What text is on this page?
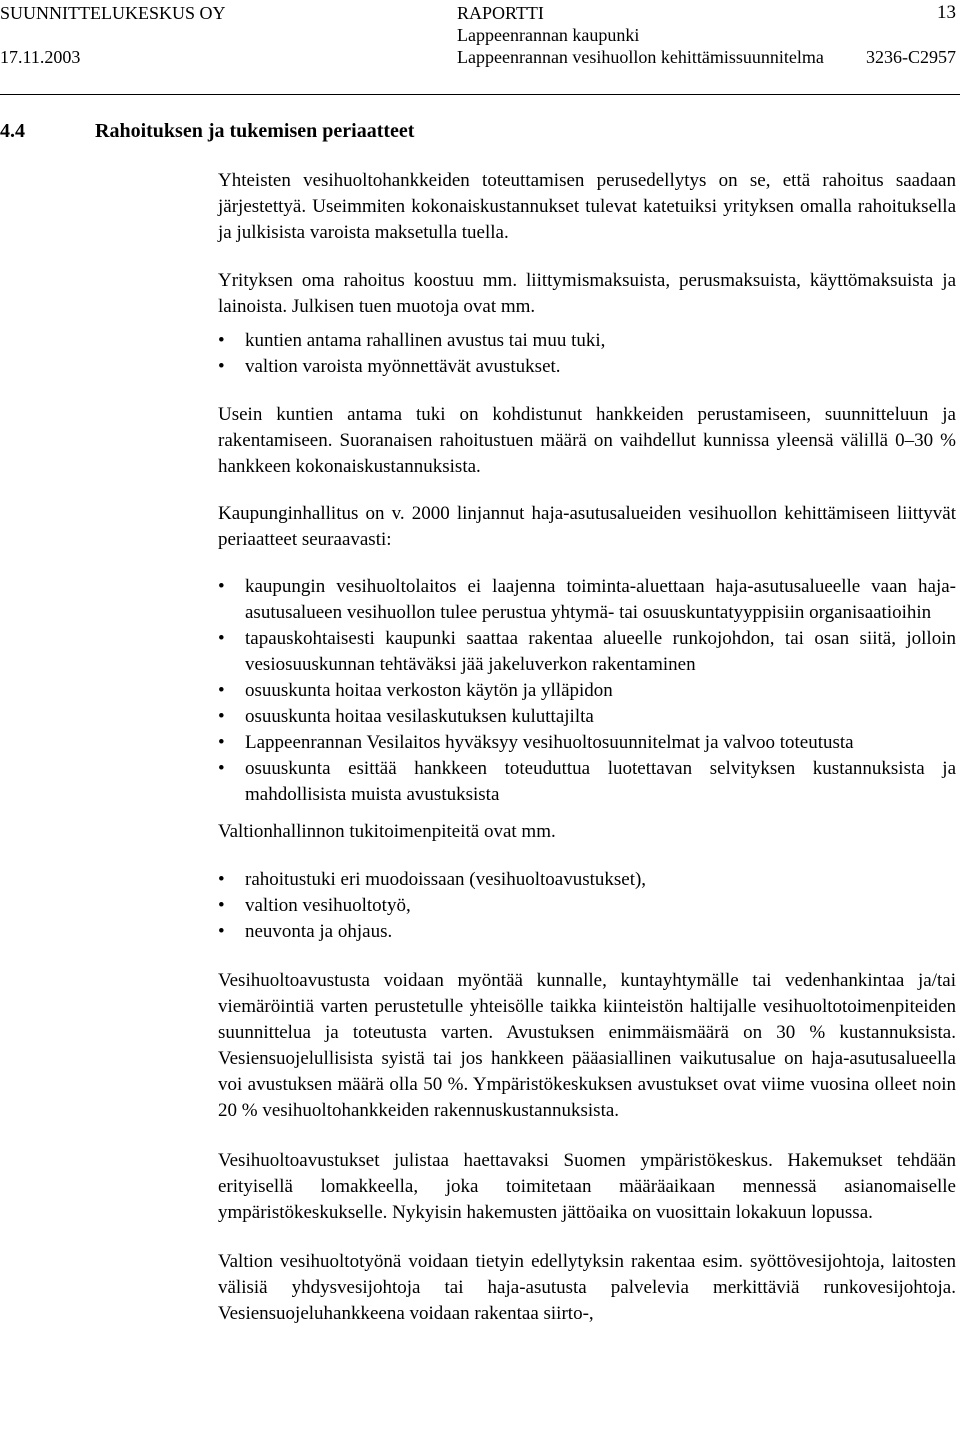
SUUNNITTELUKESKUS OY
17.11.2003
RAPORTTI
Lappeenrannan kaupunki
Lappeenrannan vesihuollon kehittämissuunnitelma
13
3236-C2957
4.4	Rahoituksen ja tukemisen periaatteet

Yhteisten vesihuoltohankkeiden toteuttamisen perusedellytys on se, että rahoitus saadaan järjestettyä. Useimmiten kokonaiskustannukset tulevat katetuiksi yrityksen omalla rahoituksella ja julkisista varoista maksetulla tuella.

Yrityksen oma rahoitus koostuu mm. liittymismaksuista, perusmaksuista, käyttömaksuista ja lainoista. Julkisen tuen muotoja ovat mm.

• kuntien antama rahallinen avustus tai muu tuki,
• valtion varoista myönnettävät avustukset.

Usein kuntien antama tuki on kohdistunut hankkeiden perustamiseen, suunnitteluun ja rakentamiseen. Suoranaisen rahoitustuen määrä on vaihdellut kunnissa yleensä välillä 0–30 % hankkeen kokonaiskustannuksista.

Kaupunginhallitus on v. 2000 linjannut haja-asutusalueiden vesihuollon kehittämiseen liittyvät periaatteet seuraavasti:

• kaupungin vesihuoltolaitos ei laajenna toiminta-aluettaan haja-asutusalueelle vaan haja-asutusalueen vesihuollon tulee perustua yhtymä- tai osuuskuntatyyppisiin organisaatioihin
• tapauskohtaisesti kaupunki saattaa rakentaa alueelle runkojohdon, tai osan siitä, jolloin vesiosuuskunnan tehtäväksi jää jakeluverkon rakentaminen
• osuuskunta hoitaa verkoston käytön ja ylläpidon
• osuuskunta hoitaa vesilaskutuksen kuluttajilta
• Lappeenrannan Vesilaitos hyväksyy vesihuoltosuunnitelmat ja valvoo toteutusta
• osuuskunta esittää hankkeen toteuduttua luotettavan selvityksen kustannuksista ja mahdollisista muista avustuksista

Valtionhallinnon tukitoimenpiteitä ovat mm.

• rahoitustuki eri muodoissaan (vesihuoltoavustukset),
• valtion vesihuoltotyö,
• neuvonta ja ohjaus.

Vesihuoltoavustusta voidaan myöntää kunnalle, kuntayhtymälle tai vedenhankintaa ja/tai viemäröintiä varten perustetulle yhteisölle taikka kiinteistön haltijalle vesihuoltotoimenpiteiden suunnittelua ja toteutusta varten. Avustuksen enimmäismäärä on 30 % kustannuksista. Vesiensuojelullisista syistä tai jos hankkeen pääasiallinen vaikutusalue on haja-asutusalueella voi avustuksen määrä olla 50 %. Ympäristökeskuksen avustukset ovat viime vuosina olleet noin 20 % vesihuoltohankkeiden rakennuskustannuksista.

Vesihuoltoavustukset julistaa haettavaksi Suomen ympäristökeskus. Hakemukset tehdään erityisellä lomakkeella, joka toimitetaan määräaikaan mennessä asianomaiselle ympäristökeskukselle. Nykyisin hakemusten jättöaika on vuosittain lokakuun lopussa.

Valtion vesihuoltotyönä voidaan tietyin edellytyksin rakentaa esim. syöttövesijohtoja, laitosten välisiä yhdysvesijohtoja tai haja-asutusta palvelevia merkittäviä runkovesijohtoja. Vesiensuojeluhankkeena voidaan rakentaa siirto-,
